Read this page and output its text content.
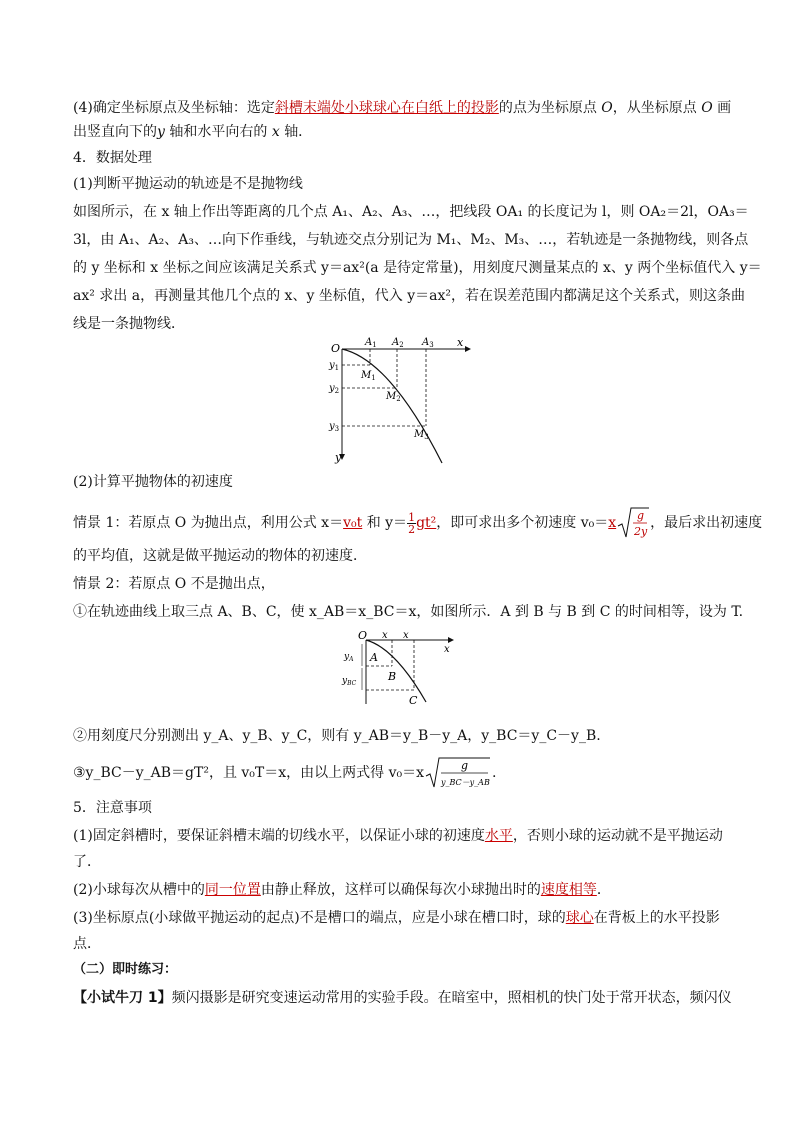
(4)确定坐标原点及坐标轴：选定斜槽末端处小球球心在白纸上的投影的点为坐标原点 O，从坐标原点 O 画

出竖直向下的y 轴和水平向右的 x 轴．

4．数据处理

(1)判断平抛运动的轨迹是不是抛物线

如图所示，在 x 轴上作出等距离的几个点 A₁、A₂、A₃、…，把线段 OA₁ 的长度记为 l，则 OA₂＝2l，OA₃＝

3l，由 A₁、A₂、A₃、…向下作垂线，与轨迹交点分别记为 M₁、M₂、M₃、…，若轨迹是一条抛物线，则各点

的 y 坐标和 x 坐标之间应该满足关系式 y＝ax²(a 是待定常量)，用刻度尺测量某点的 x、y 两个坐标值代入 y＝

ax² 求出 a，再测量其他几个点的 x、y 坐标值，代入 y＝ax²，若在误差范围内都满足这个关系式，则这条曲

线是一条抛物线．

O	x
y
$A_1$ $A_2$ $A_3$
$M_1$
$M_2$
$M_3$
$y_1$
$y_2$
$y_3$

(2)计算平抛物体的初速度

情景 1：若原点 O 为抛出点，利用公式 x＝v₀t 和 $y= \frac{1}{2} gt^2$，即可求出多个初速度 v₀＝x g
2y
，最后求出初速度

的平均值，这就是做平抛运动的物体的初速度．

情景 2：若原点 O 不是抛出点，

①在轨迹曲线上取三点 A、B、C，使 x_AB＝x_BC＝x，如图所示．A 到 B 与 B 到 C 的时间相等，设为 T.

O x x
x
A
B
C
$y_A$
$y_{BC}$

②用刻度尺分别测出 y_A、y_B、y_C，则有 y_AB＝y_B－y_A，y_BC＝y_C－y_B.

③y_BC－y_AB＝gT²，且 v₀T＝x，由以上两式得 v₀＝x	g
y_BC－y_AB
.

5．注意事项

(1)固定斜槽时，要保证斜槽末端的切线水平，以保证小球的初速度水平，否则小球的运动就不是平抛运动

了．

(2)小球每次从槽中的同一位置由静止释放，这样可以确保每次小球抛出时的速度相等．

(3)坐标原点(小球做平抛运动的起点)不是槽口的端点，应是小球在槽口时，球的球心在背板上的水平投影

点．

（二）即时练习：

【小试牛刀 1】频闪摄影是研究变速运动常用的实验手段。在暗室中，照相机的快门处于常开状态，频闪仪
